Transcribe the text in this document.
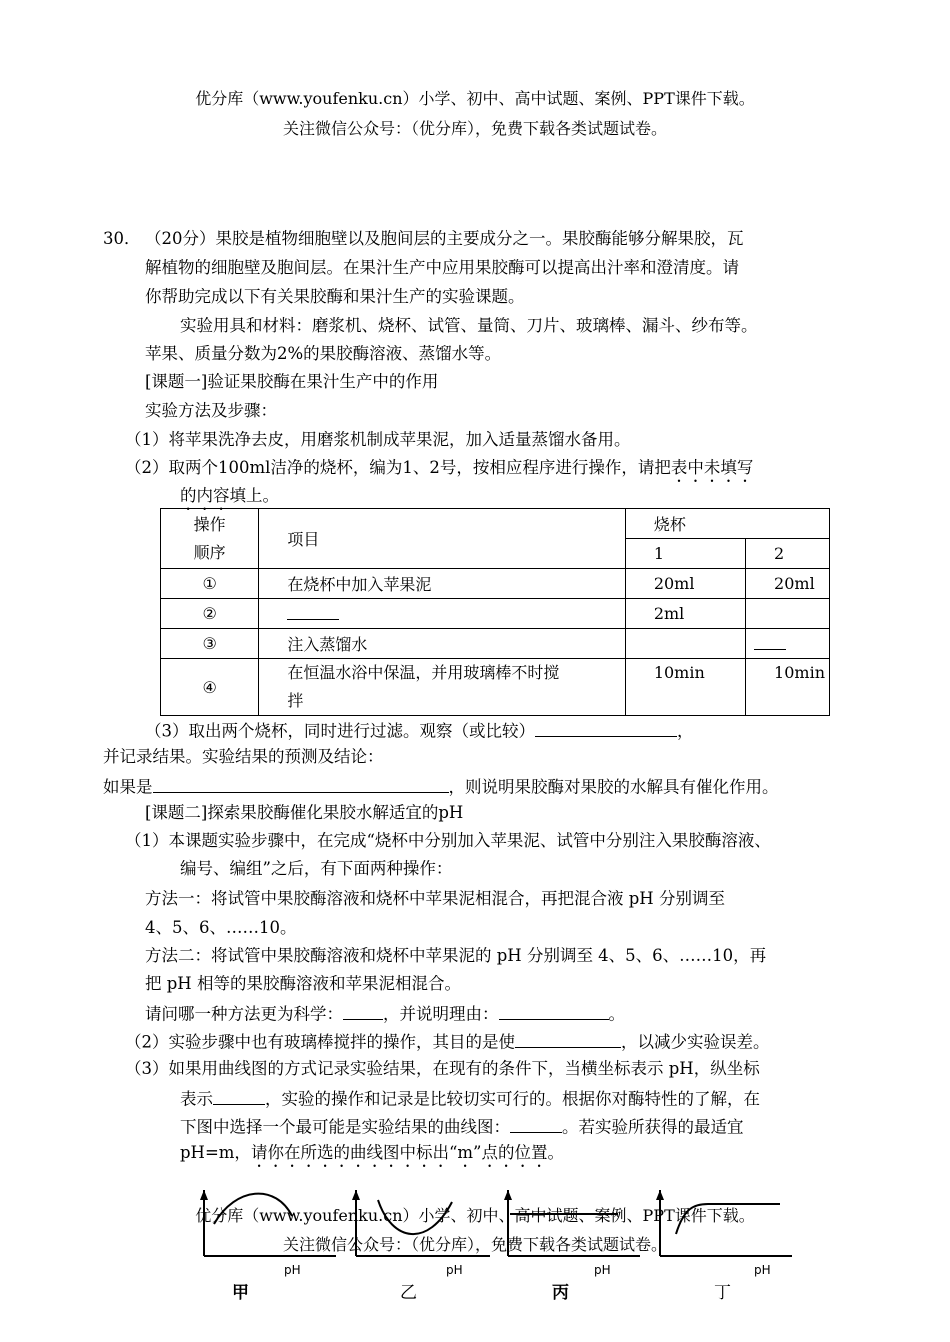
优分库（www.youfenku.cn）小学、初中、高中试题、案例、PPT课件下载。
关注微信公众号：（优分库），免费下载各类试题试卷。
30． （20分）果胶是植物细胞壁以及胞间层的主要成分之一。果胶酶能够分解果胶，瓦
解植物的细胞壁及胞间层。在果汁生产中应用果胶酶可以提高出汁率和澄清度。请
你帮助完成以下有关果胶酶和果汁生产的实验课题。
实验用具和材料：磨浆机、烧杯、试管、量筒、刀片、玻璃棒、漏斗、纱布等。
苹果、质量分数为2%的果胶酶溶液、蒸馏水等。
[课题一]验证果胶酶在果汁生产中的作用
实验方法及步骤：
（1）将苹果洗净去皮，用磨浆机制成苹果泥，加入适量蒸馏水备用。
（2）取两个100ml洁净的烧杯，编为1、2号，按相应程序进行操作，请把表中未填写
的内容填上。
操作
顺序	项目	烧杯	
		1	2
①	在烧杯中加入苹果泥	20ml	20ml
②		2ml	
③	注入蒸馏水		
④	在恒温水浴中保温，并用玻璃棒不时搅
拌	10min	10min
（3）取出两个烧杯，同时进行过滤。观察（或比较）	，
并记录结果。实验结果的预测及结论：
如果是	，则说明果胶酶对果胶的水解具有催化作用。
[课题二]探索果胶酶催化果胶水解适宜的pH
（1）本课题实验步骤中，在完成“烧杯中分别加入苹果泥、试管中分别注入果胶酶溶液、
编号、编组”之后，有下面两种操作：
方法一：将试管中果胶酶溶液和烧杯中苹果泥相混合，再把混合液 pH 分别调至
4、5、6、……10。
方法二：将试管中果胶酶溶液和烧杯中苹果泥的 pH 分别调至 4、5、6、……10，再
把 pH 相等的果胶酶溶液和苹果泥相混合。
请问哪一种方法更为科学： ，并说明理由：	。
（2）实验步骤中也有玻璃棒搅拌的操作，其目的是使	，以减少实验误差。
（3）如果用曲线图的方式记录实验结果，在现有的条件下，当横坐标表示 pH，纵坐标
表示	，实验的操作和记录是比较切实可行的。根据你对酶特性的了解，在
下图中选择一个最可能是实验结果的曲线图：	。若实验所获得的最适宜
pH=m，请你在所选的曲线图中标出“m”点的位置。
pH
甲
pH
乙
pH
丙
pH
丁
优分库（www.youfenku.cn）小学、初中、高中试题、案例、PPT课件下载。
关注微信公众号：（优分库），免费下载各类试题试卷。
